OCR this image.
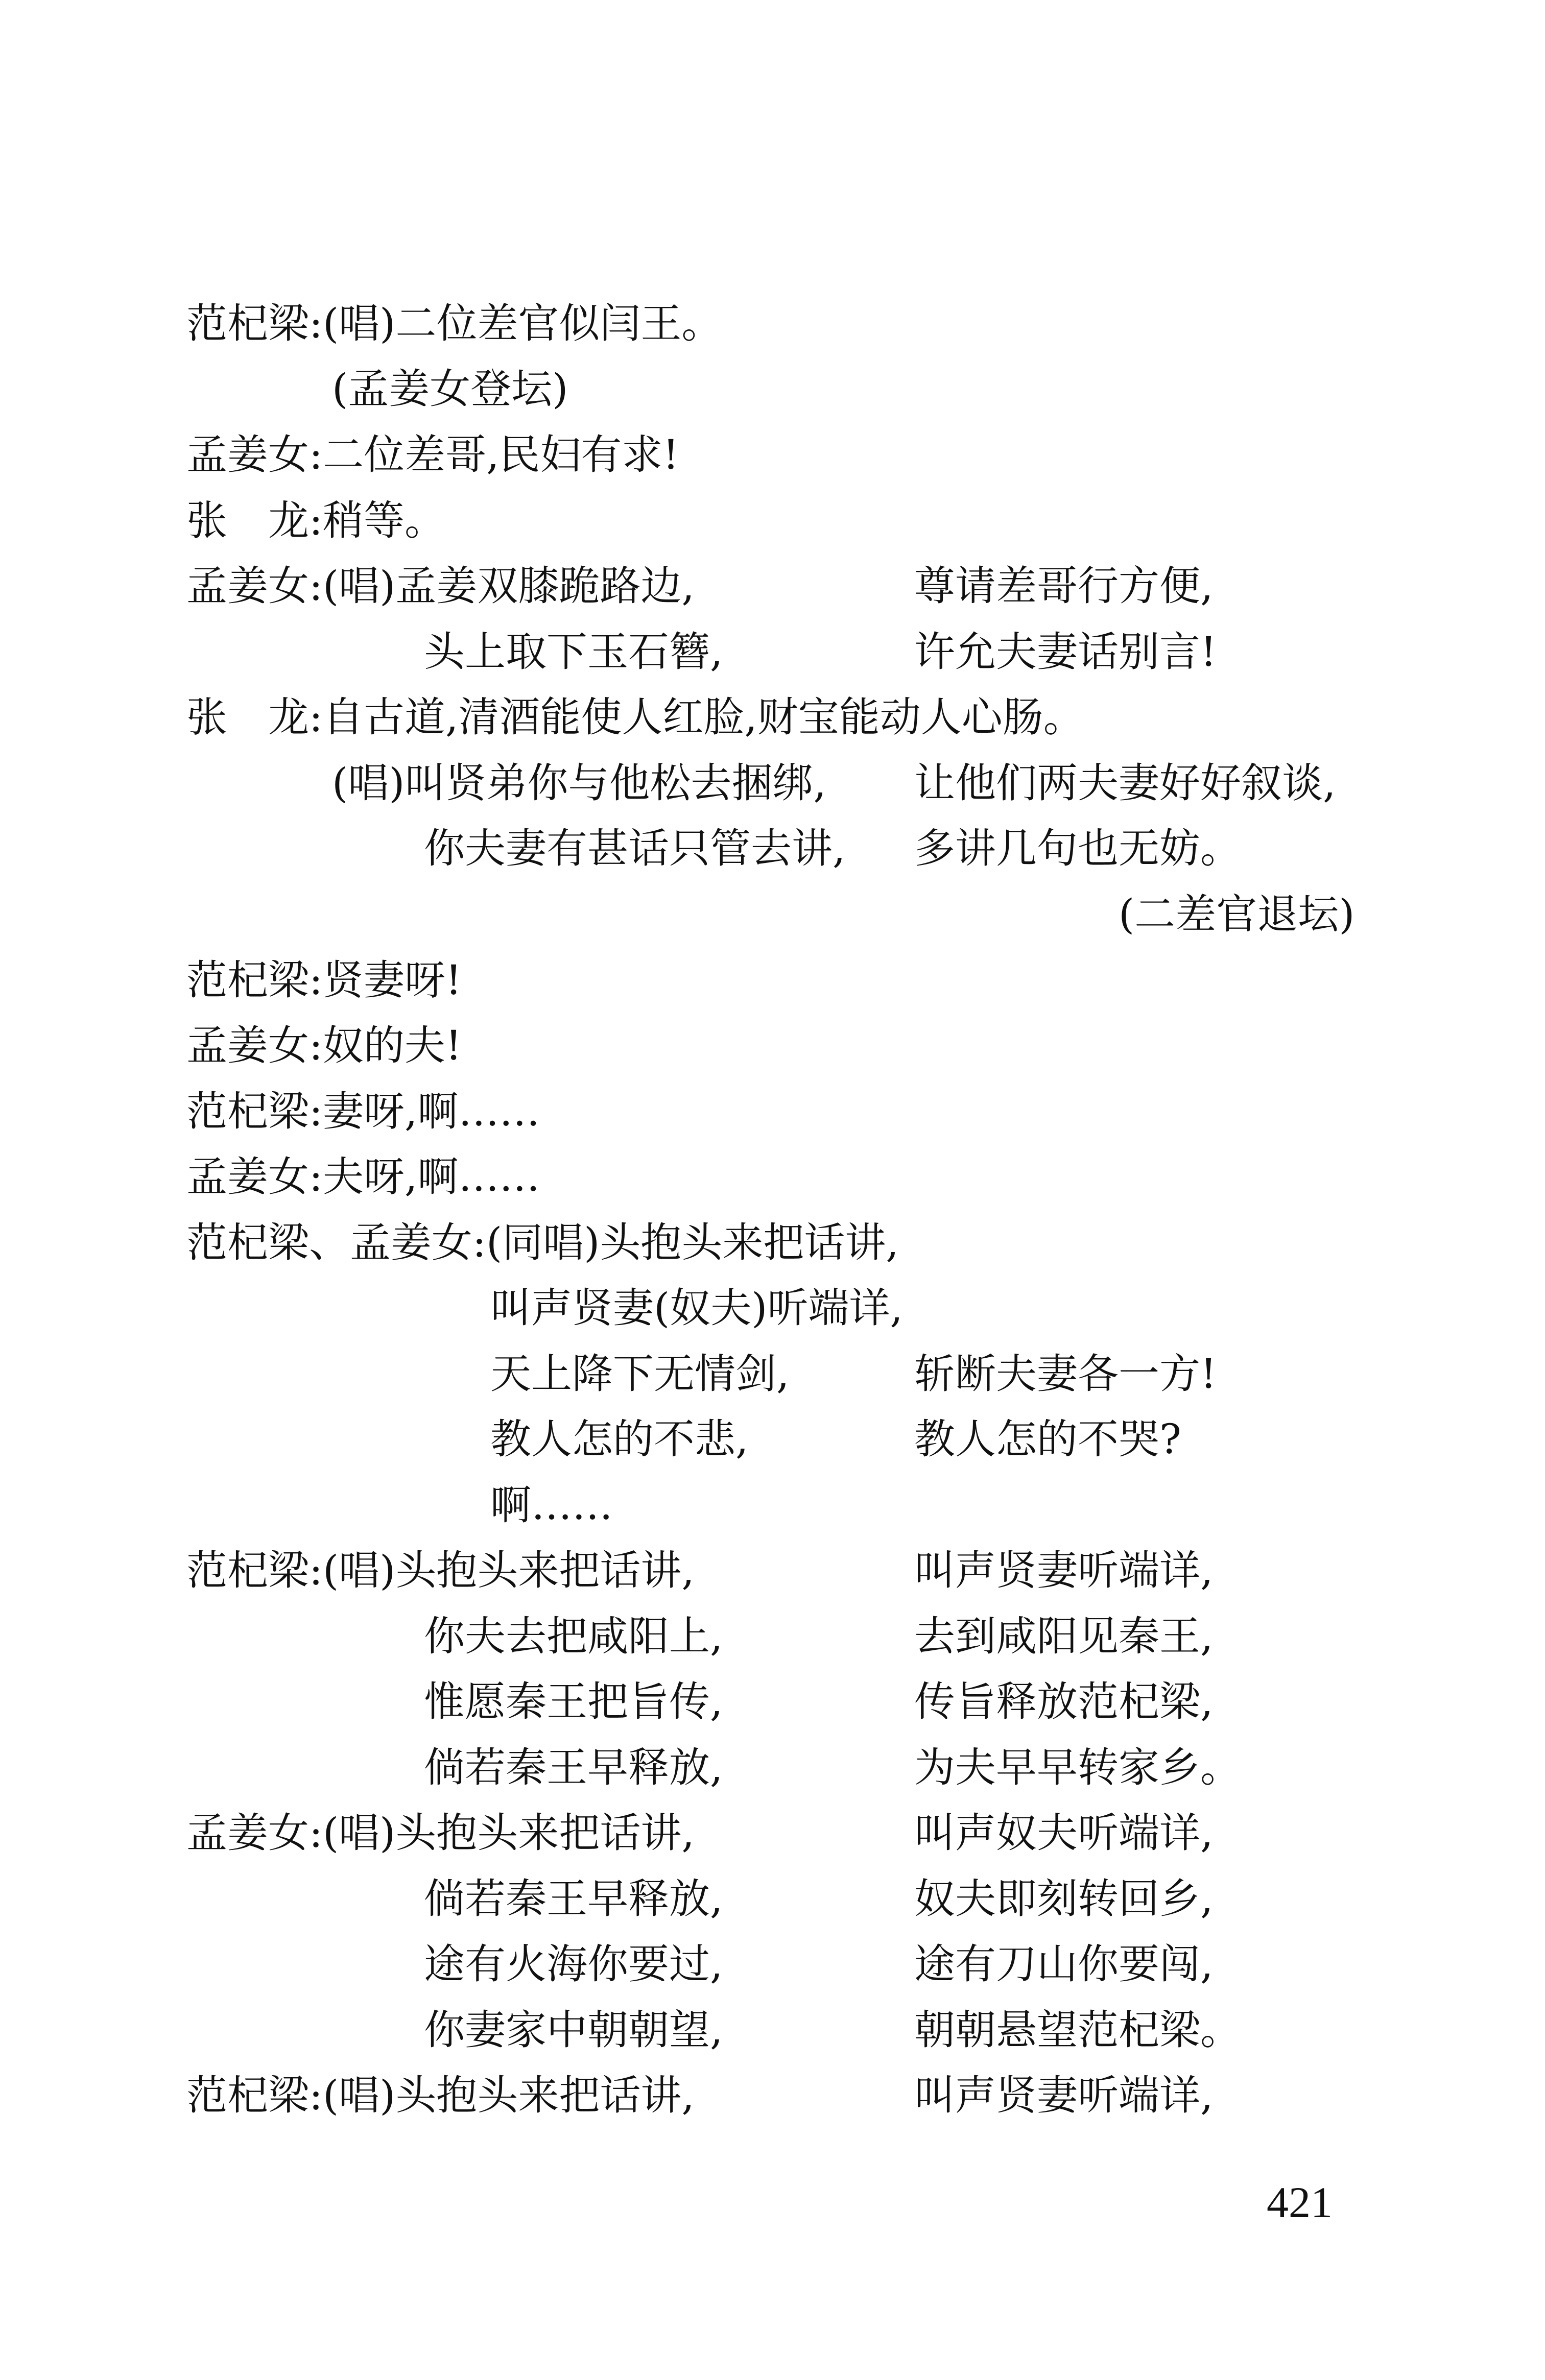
范杞梁:(唱)二位差官似闫王。
(孟姜女登坛)
孟姜女:二位差哥,民妇有求!
张　龙:稍等。
孟姜女:(唱)孟姜双膝跪路边,	尊请差哥行方便,
头上取下玉石簪,	许允夫妻话别言!
张　龙:自古道,清酒能使人红脸,财宝能动人心肠。
(唱)叫贤弟你与他松去捆绑, 让他们两夫妻好好叙谈,
你夫妻有甚话只管去讲, 多讲几句也无妨。
(二差官退坛)
范杞梁:贤妻呀!
孟姜女:奴的夫!
范杞梁:妻呀,啊……
孟姜女:夫呀,啊……
范杞梁、孟姜女:(同唱)头抱头来把话讲,
叫声贤妻(奴夫)听端详,
天上降下无情剑,	斩断夫妻各一方!
教人怎的不悲,	教人怎的不哭?
啊……
范杞梁:(唱)头抱头来把话讲,	叫声贤妻听端详,
你夫去把咸阳上,	去到咸阳见秦王,
惟愿秦王把旨传,	传旨释放范杞梁,
倘若秦王早释放,	为夫早早转家乡。
孟姜女:(唱)头抱头来把话讲,	叫声奴夫听端详,
倘若秦王早释放,	奴夫即刻转回乡,
途有火海你要过,	途有刀山你要闯,
你妻家中朝朝望,	朝朝悬望范杞梁。
范杞梁:(唱)头抱头来把话讲,	叫声贤妻听端详,
421
